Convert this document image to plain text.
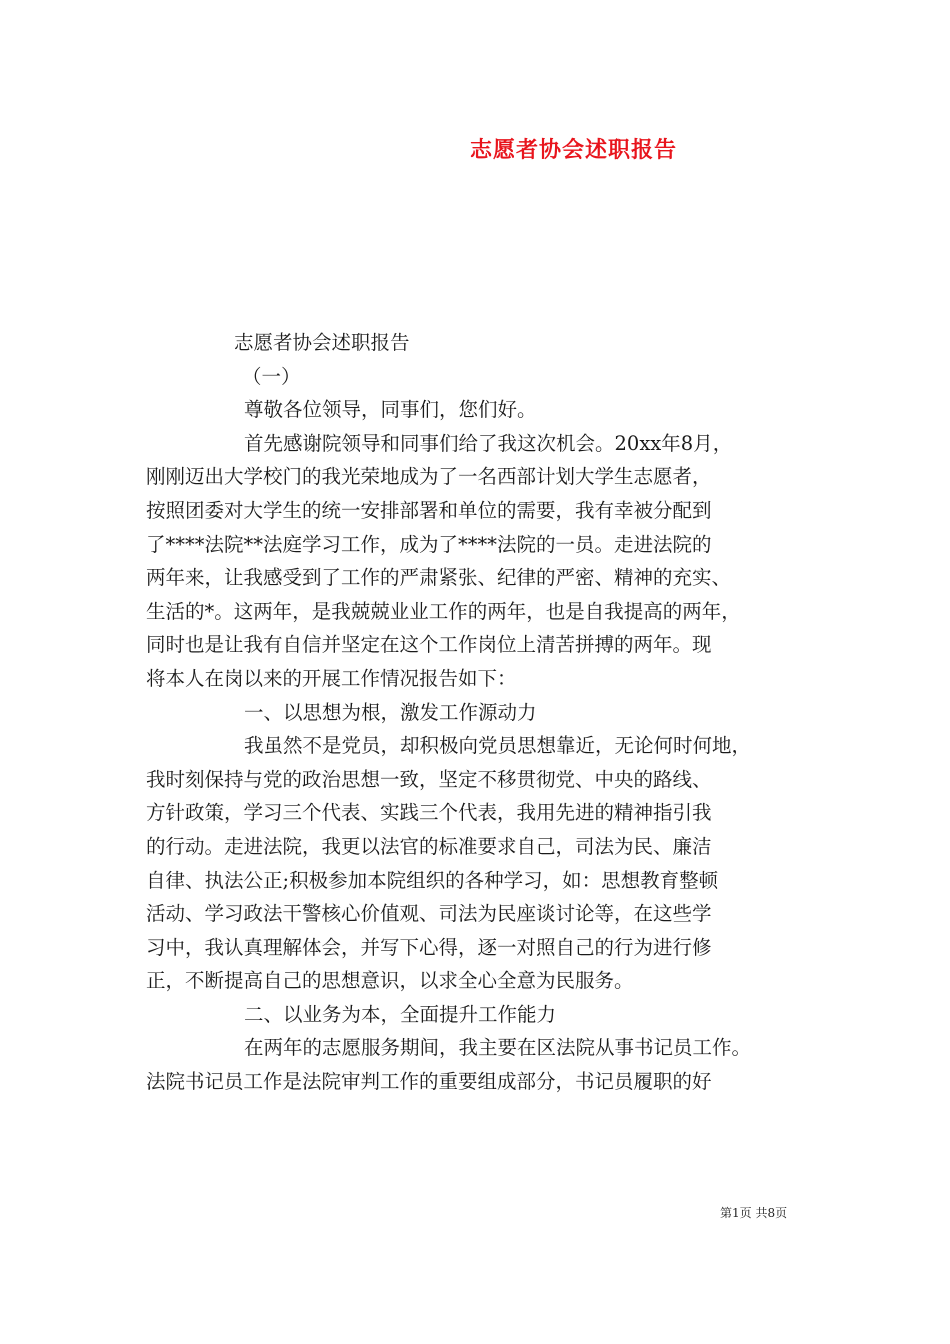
志愿者协会述职报告
志愿者协会述职报告
（一）
尊敬各位领导，同事们，您们好。
首先感谢院领导和同事们给了我这次机会。20xx年8月，
刚刚迈出大学校门的我光荣地成为了一名西部计划大学生志愿者，
按照团委对大学生的统一安排部署和单位的需要，我有幸被分配到
了****法院**法庭学习工作，成为了****法院的一员。走进法院的
两年来，让我感受到了工作的严肃紧张、纪律的严密、精神的充实、
生活的*。这两年，是我兢兢业业工作的两年，也是自我提高的两年，
同时也是让我有自信并坚定在这个工作岗位上清苦拼搏的两年。现
将本人在岗以来的开展工作情况报告如下：
一、以思想为根，激发工作源动力
我虽然不是党员，却积极向党员思想靠近，无论何时何地，
我时刻保持与党的政治思想一致，坚定不移贯彻党、中央的路线、
方针政策，学习三个代表、实践三个代表，我用先进的精神指引我
的行动。走进法院，我更以法官的标准要求自己，司法为民、廉洁
自律、执法公正;积极参加本院组织的各种学习，如：思想教育整顿
活动、学习政法干警核心价值观、司法为民座谈讨论等，在这些学
习中，我认真理解体会，并写下心得，逐一对照自己的行为进行修
正，不断提高自己的思想意识，以求全心全意为民服务。
二、以业务为本，全面提升工作能力
在两年的志愿服务期间，我主要在区法院从事书记员工作。
法院书记员工作是法院审判工作的重要组成部分，书记员履职的好
第1页 共8页
